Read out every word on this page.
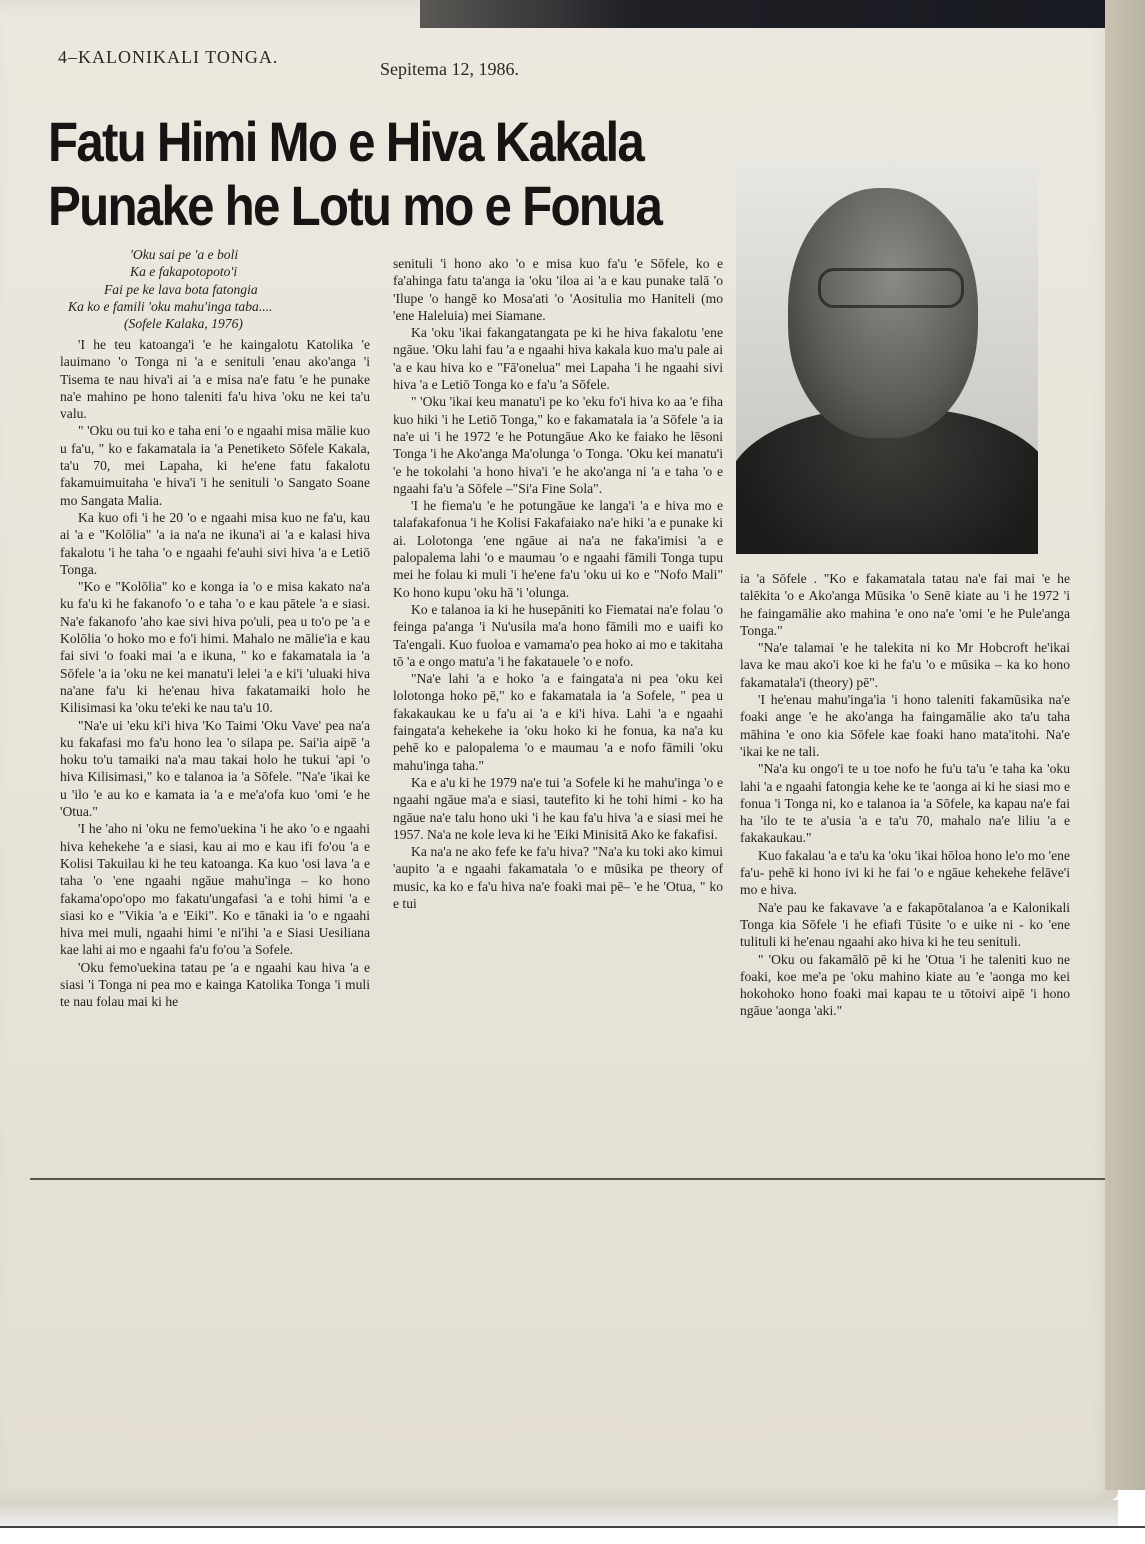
4–KALONIKALI TONGA.
Sepitema 12, 1986.
Fatu Himi Mo e Hiva Kakala
Punake he Lotu mo e Fonua
'Oku sai pe 'a e boli
Ka e fakapotopoto'i
Fai pe ke lava bota fatongia
Ka ko e famili 'oku mahu'inga taba....
(Sofele Kalaka, 1976)

'I he teu katoanga'i 'e he kaingalotu Katolika 'e lauimano 'o Tonga ni 'a e senituli 'enau ako'anga 'i Tisema te nau hiva'i ai 'a e misa na'e fatu 'e he punake na'e mahino pe hono taleniti fa'u hiva 'oku ne kei ta'u valu.

" 'Oku ou tui ko e taha eni 'o e ngaahi misa mālie kuo u fa'u, " ko e fakamatala ia 'a Penetiketo Sōfele Kakala, ta'u 70, mei Lapaha, ki he'ene fatu fakalotu fakamuimuitaha 'e hiva'i 'i he senituli 'o Sangato Soane mo Sangata Malia.

Ka kuo ofi 'i he 20 'o e ngaahi misa kuo ne fa'u, kau ai 'a e "Kolōlia" 'a ia na'a ne ikuna'i ai 'a e kalasi hiva fakalotu 'i he taha 'o e ngaahi fe'auhi sivi hiva 'a e Letiō Tonga.

"Ko e "Kolōlia" ko e konga ia 'o e misa kakato na'a ku fa'u ki he fakanofo 'o e taha 'o e kau pātele 'a e siasi. Na'e fakanofo 'aho kae sivi hiva po'uli, pea u to'o pe 'a e Kolōlia 'o hoko mo e fo'i himi. Mahalo ne mālie'ia e kau fai sivi 'o foaki mai 'a e ikuna, " ko e fakamatala ia 'a Sōfele 'a ia 'oku ne kei manatu'i lelei 'a e ki'i 'uluaki hiva na'ane fa'u ki he'enau hiva fakatamaiki holo he Kilisimasi ka 'oku te'eki ke nau ta'u 10.

"Na'e ui 'eku ki'i hiva 'Ko Taimi 'Oku Vave' pea na'a ku fakafasi mo fa'u hono lea 'o silapa pe. Sai'ia aipē 'a hoku to'u tamaiki na'a mau takai holo he tukui 'api 'o hiva Kilisimasi," ko e talanoa ia 'a Sōfele. "Na'e 'ikai ke u 'ilo 'e au ko e kamata ia 'a e me'a'ofa kuo 'omi 'e he 'Otua."

'I he 'aho ni 'oku ne femo'uekina 'i he ako 'o e ngaahi hiva kehekehe 'a e siasi, kau ai mo e kau ifi fo'ou 'a e Kolisi Takuilau ki he teu katoanga. Ka kuo 'osi lava 'a e taha 'o 'ene ngaahi ngāue mahu'inga – ko hono fakama'opo'opo mo fakatu'ungafasi 'a e tohi himi 'a e siasi ko e "Vikia 'a e 'Eiki". Ko e tānaki ia 'o e ngaahi hiva mei muli, ngaahi himi 'e ni'ihi 'a e Siasi Uesiliana kae lahi ai mo e ngaahi fa'u fo'ou 'a Sofele.

'Oku femo'uekina tatau pe 'a e ngaahi kau hiva 'a e siasi 'i Tonga ni pea mo e kainga Katolika Tonga 'i muli te nau folau mai ki he

senituli 'i hono ako 'o e misa kuo fa'u 'e Sōfele, ko e fa'ahinga fatu ta'anga ia 'oku 'iloa ai 'a e kau punake talā 'o 'Ilupe 'o hangē ko Mosa'ati 'o 'Aositulia mo Haniteli (mo 'ene Haleluia) mei Siamane.

Ka 'oku 'ikai fakangatangata pe ki he hiva fakalotu 'ene ngāue. 'Oku lahi fau 'a e ngaahi hiva kakala kuo ma'u pale ai 'a e kau hiva ko e "Fā'onelua" mei Lapaha 'i he ngaahi sivi hiva 'a e Letiō Tonga ko e fa'u 'a Sōfele.

" 'Oku 'ikai keu manatu'i pe ko 'eku fo'i hiva ko aa 'e fiha kuo hiki 'i he Letiō Tonga," ko e fakamatala ia 'a Sōfele 'a ia na'e ui 'i he 1972 'e he Potungāue Ako ke faiako he lēsoni Tonga 'i he Ako'anga Ma'olunga 'o Tonga. 'Oku kei manatu'i 'e he tokolahi 'a hono hiva'i 'e he ako'anga ni 'a e taha 'o e ngaahi fa'u 'a Sōfele –"Si'a Fine Sola".

'I he fiema'u 'e he potungāue ke langa'i 'a e hiva mo e talafakafonua 'i he Kolisi Fakafaiako na'e hiki 'a e punake ki ai. Lolotonga 'ene ngāue ai na'a ne faka'imisi 'a e palopalema lahi 'o e maumau 'o e ngaahi fāmili Tonga tupu mei he folau ki muli 'i he'ene fa'u 'oku ui ko e "Nofo Mali" Ko hono kupu 'oku hā 'i 'olunga.

Ko e talanoa ia ki he husepāniti ko Fiematai na'e folau 'o feinga pa'anga 'i Nu'usila ma'a hono fāmili mo e uaifi ko Ta'engali. Kuo fuoloa e vamama'o pea hoko ai mo e takitaha tō 'a e ongo matu'a 'i he fakatauele 'o e nofo.

"Na'e lahi 'a e hoko 'a e faingata'a ni pea 'oku kei lolotonga hoko pē," ko e fakamatala ia 'a Sofele, " pea u fakakaukau ke u fa'u ai 'a e ki'i hiva. Lahi 'a e ngaahi faingata'a kehekehe ia 'oku hoko ki he fonua, ka na'a ku pehē ko e palopalema 'o e maumau 'a e nofo fāmili 'oku mahu'inga taha."

Ka e a'u ki he 1979 na'e tui 'a Sofele ki he mahu'inga 'o e ngaahi ngāue ma'a e siasi, tautefito ki he tohi himi - ko ha ngāue na'e talu hono uki 'i he kau fa'u hiva 'a e siasi mei he 1957. Na'a ne kole leva ki he 'Eiki Minisitā Ako ke fakafisi.

Ka na'a ne ako fefe ke fa'u hiva? "Na'a ku toki ako kimui 'aupito 'a e ngaahi fakamatala 'o e mūsika pe theory of music, ka ko e fa'u hiva na'e foaki mai pē– 'e he 'Otua, " ko e tui

ia 'a Sōfele . "Ko e fakamatala tatau na'e fai mai 'e he talēkita 'o e Ako'anga Mūsika 'o Senē kiate au 'i he 1972 'i he faingamālie ako mahina 'e ono na'e 'omi 'e he Pule'anga Tonga."

"Na'e talamai 'e he talekita ni ko Mr Hobcroft he'ikai lava ke mau ako'i koe ki he fa'u 'o e mūsika – ka ko hono fakamatala'i (theory) pē".

'I he'enau mahu'inga'ia 'i hono taleniti fakamūsika na'e foaki ange 'e he ako'anga ha faingamālie ako ta'u taha māhina 'e ono kia Sōfele kae foaki hano mata'itohi. Na'e 'ikai ke ne tali.

"Na'a ku ongo'i te u toe nofo he fu'u ta'u 'e taha ka 'oku lahi 'a e ngaahi fatongia kehe ke te 'aonga ai ki he siasi mo e fonua 'i Tonga ni, ko e talanoa ia 'a Sōfele, ka kapau na'e fai ha 'ilo te te a'usia 'a e ta'u 70, mahalo na'e liliu 'a e fakakaukau."

Kuo fakalau 'a e ta'u ka 'oku 'ikai hōloa hono le'o mo 'ene fa'u- pehē ki hono ivi ki he fai 'o e ngāue kehekehe felāve'i mo e hiva.

Na'e pau ke fakavave 'a e fakapōtalanoa 'a e Kalonikali Tonga kia Sōfele 'i he efiafi Tūsite 'o e uike ni - ko 'ene tulituli ki he'enau ngaahi ako hiva ki he teu senituli.

" 'Oku ou fakamālō pē ki he 'Otua 'i he taleniti kuo ne foaki, koe me'a pe 'oku mahino kiate au 'e 'aonga mo kei hokohoko hono foaki mai kapau te u tōtoivi aipē 'i hono ngāue 'aonga 'aki."
